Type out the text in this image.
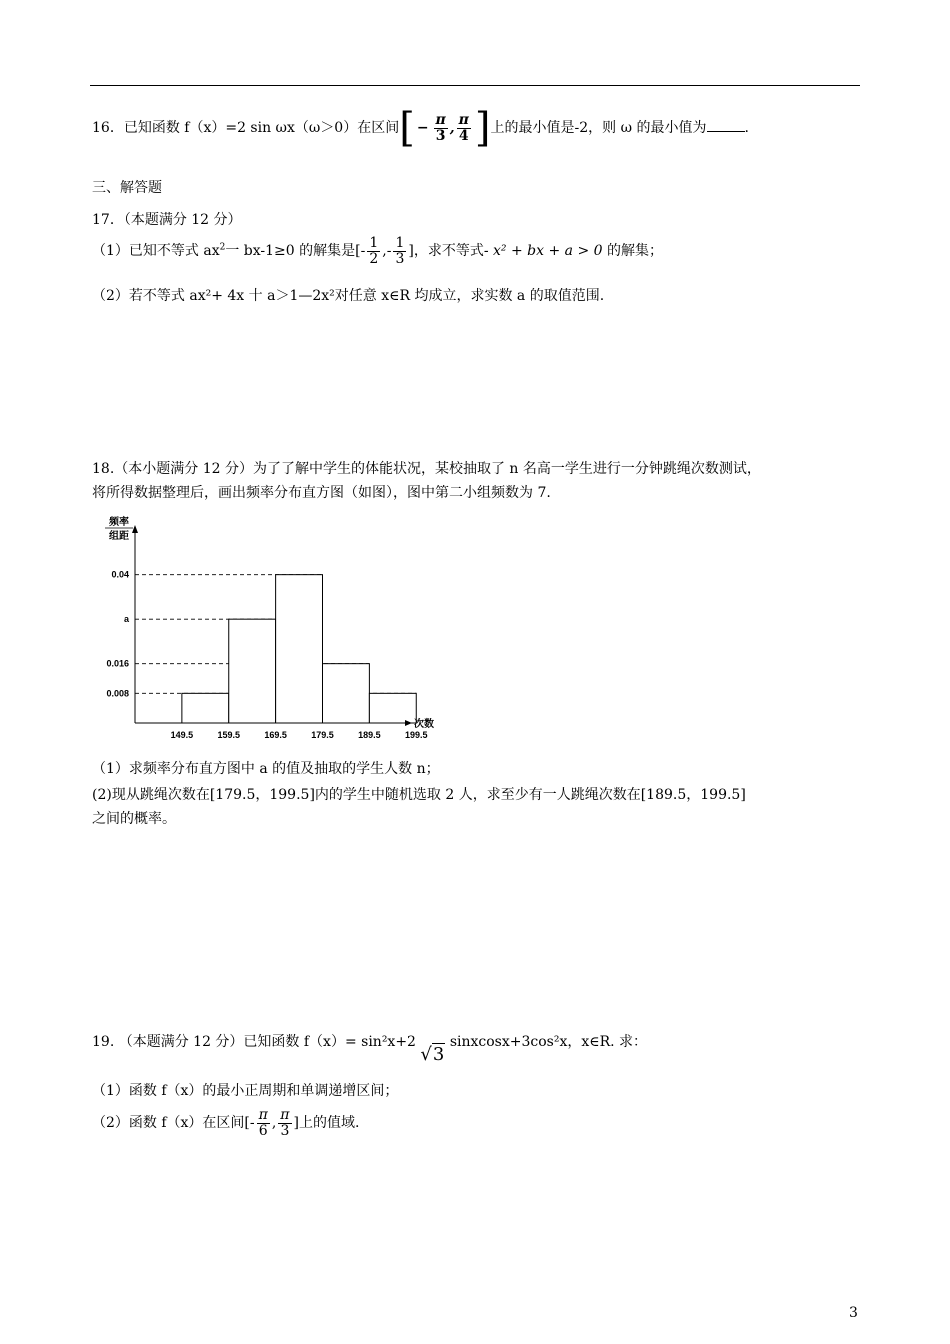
16．已知函数 f（x）=2 sin ωx（ω＞0）在区间[ − $\frac{\pi}{3}$ , $\frac{\pi}{4}$ ]上的最小值是-2，则 ω 的最小值为	.
三、解答题
17．（本题满分 12 分）
（1）已知不等式 $ax^2$一 bx-1≥0 的解集是[- $\frac{1}{2}$ ,- $\frac{1}{3}$ ]，求不等式- x² + bx + a > 0 的解集；
（2）若不等式 ax²+ 4x 十 a＞1—2x²对任意 x∈R 均成立，求实数 a 的取值范围.
18.（本小题满分 12 分）为了了解中学生的体能状况，某校抽取了 n 名高一学生进行一分钟跳绳次数测试，
将所得数据整理后，画出频率分布直方图（如图），图中第二小组频数为 7.
0.04
a
0.016
0.008
149.5	159.5	169.5	179.5	189.5	199.5
频率
组距
次数
（1）求频率分布直方图中 a 的值及抽取的学生人数 n；
(2)现从跳绳次数在[179.5，199.5]内的学生中随机选取 2 人，求至少有一人跳绳次数在[189.5，199.5]
之间的概率。
19. （本题满分 12 分）已知函数 f（x）= sin²x+2 √3 sinxcosx+3cos²x，x∈R. 求：
（1）函数 f（x）的最小正周期和单调递增区间；
（2）函数 f（x）在区间[- $\frac{\pi}{6}$ , $\frac{\pi}{3}$ ]上的值域.
3
